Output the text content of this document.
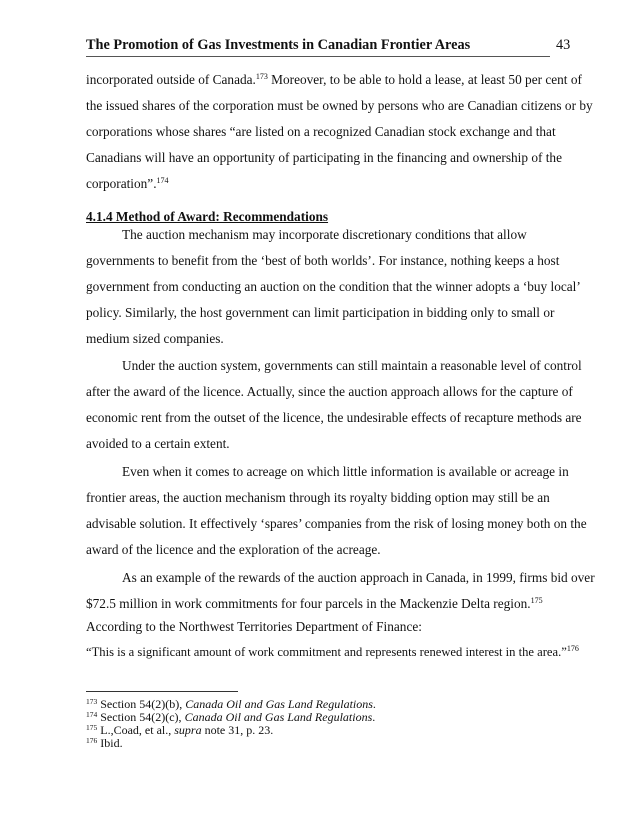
The Promotion of Gas Investments in Canadian Frontier Areas	43
incorporated outside of Canada.$^{173}$ Moreover, to be able to hold a lease, at least 50 per cent of
the issued shares of the corporation must be owned by persons who are Canadian citizens or by
corporations whose shares “are listed on a recognized Canadian stock exchange and that
Canadians will have an opportunity of participating in the financing and ownership of the
corporation”.$^{174}$
4.1.4 Method of Award: Recommendations
The auction mechanism may incorporate discretionary conditions that allow
governments to benefit from the ‘best of both worlds’. For instance, nothing keeps a host
government from conducting an auction on the condition that the winner adopts a ‘buy local’
policy. Similarly, the host government can limit participation in bidding only to small or
medium sized companies.
Under the auction system, governments can still maintain a reasonable level of control
after the award of the licence. Actually, since the auction approach allows for the capture of
economic rent from the outset of the licence, the undesirable effects of recapture methods are
avoided to a certain extent.
Even when it comes to acreage on which little information is available or acreage in
frontier areas, the auction mechanism through its royalty bidding option may still be an
advisable solution. It effectively ‘spares’ companies from the risk of losing money both on the
award of the licence and the exploration of the acreage.
As an example of the rewards of the auction approach in Canada, in 1999, firms bid over
$72.5 million in work commitments for four parcels in the Mackenzie Delta region.$^{175}$
According to the Northwest Territories Department of Finance:
“This is a significant amount of work commitment and represents renewed interest in the area.”$^{176}$
$^{173}$ Section 54(2)(b), Canada Oil and Gas Land Regulations.
$^{174}$ Section 54(2)(c), Canada Oil and Gas Land Regulations.
$^{175}$ L.,Coad, et al., supra note 31, p. 23.
$^{176}$ Ibid.
